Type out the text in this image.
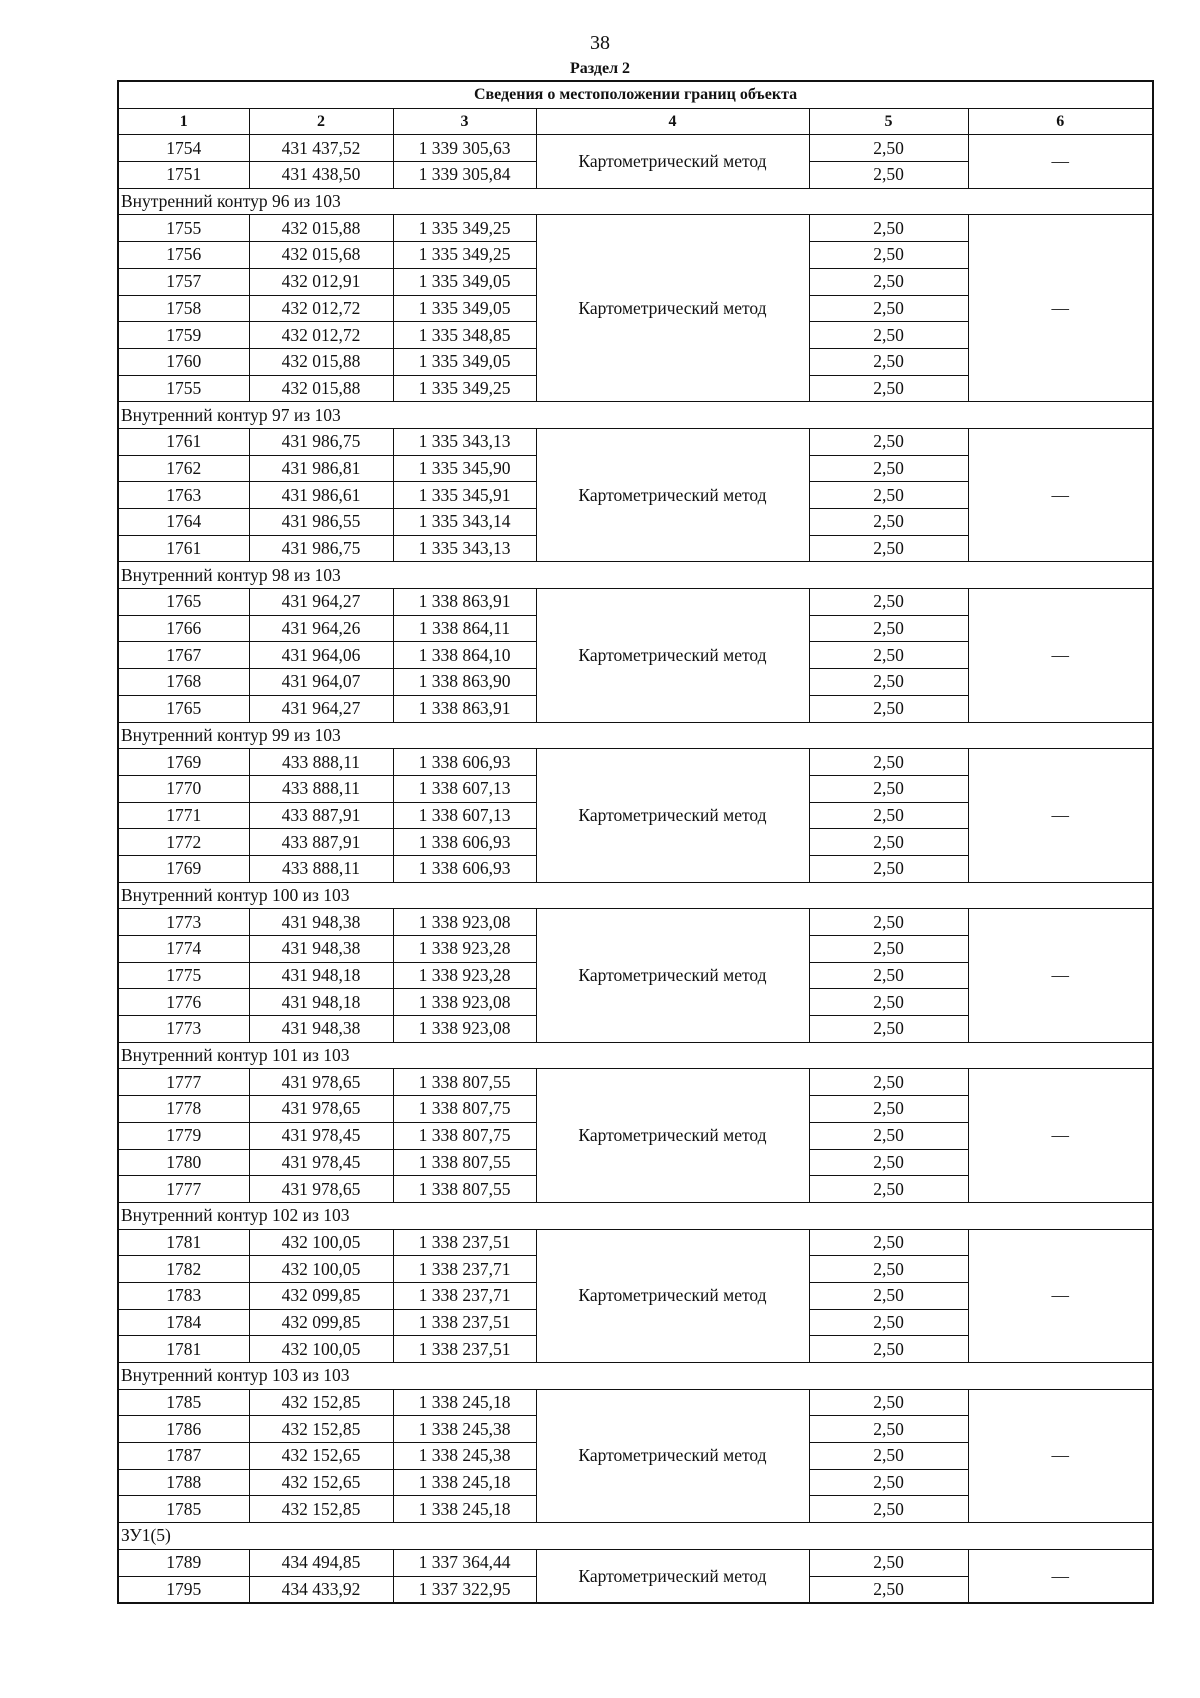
38
Раздел 2
Сведения о местоположении границ объекта					
1	2	3	4	5	6
1754	431 437,52	1 339 305,63	Картометрический метод	2,50	—
1751	431 438,50	1 339 305,84		2,50	
Внутренний контур 96 из 103					
1755	432 015,88	1 335 349,25	Картометрический метод	2,50	—
1756	432 015,68	1 335 349,25		2,50	
1757	432 012,91	1 335 349,05		2,50	
1758	432 012,72	1 335 349,05		2,50	
1759	432 012,72	1 335 348,85		2,50	
1760	432 015,88	1 335 349,05		2,50	
1755	432 015,88	1 335 349,25		2,50	
Внутренний контур 97 из 103					
1761	431 986,75	1 335 343,13	Картометрический метод	2,50	—
1762	431 986,81	1 335 345,90		2,50	
1763	431 986,61	1 335 345,91		2,50	
1764	431 986,55	1 335 343,14		2,50	
1761	431 986,75	1 335 343,13		2,50	
Внутренний контур 98 из 103					
1765	431 964,27	1 338 863,91	Картометрический метод	2,50	—
1766	431 964,26	1 338 864,11		2,50	
1767	431 964,06	1 338 864,10		2,50	
1768	431 964,07	1 338 863,90		2,50	
1765	431 964,27	1 338 863,91		2,50	
Внутренний контур 99 из 103					
1769	433 888,11	1 338 606,93	Картометрический метод	2,50	—
1770	433 888,11	1 338 607,13		2,50	
1771	433 887,91	1 338 607,13		2,50	
1772	433 887,91	1 338 606,93		2,50	
1769	433 888,11	1 338 606,93		2,50	
Внутренний контур 100 из 103					
1773	431 948,38	1 338 923,08	Картометрический метод	2,50	—
1774	431 948,38	1 338 923,28		2,50	
1775	431 948,18	1 338 923,28		2,50	
1776	431 948,18	1 338 923,08		2,50	
1773	431 948,38	1 338 923,08		2,50	
Внутренний контур 101 из 103					
1777	431 978,65	1 338 807,55	Картометрический метод	2,50	—
1778	431 978,65	1 338 807,75		2,50	
1779	431 978,45	1 338 807,75		2,50	
1780	431 978,45	1 338 807,55		2,50	
1777	431 978,65	1 338 807,55		2,50	
Внутренний контур 102 из 103					
1781	432 100,05	1 338 237,51	Картометрический метод	2,50	—
1782	432 100,05	1 338 237,71		2,50	
1783	432 099,85	1 338 237,71		2,50	
1784	432 099,85	1 338 237,51		2,50	
1781	432 100,05	1 338 237,51		2,50	
Внутренний контур 103 из 103					
1785	432 152,85	1 338 245,18	Картометрический метод	2,50	—
1786	432 152,85	1 338 245,38		2,50	
1787	432 152,65	1 338 245,38		2,50	
1788	432 152,65	1 338 245,18		2,50	
1785	432 152,85	1 338 245,18		2,50	
ЗУ1(5)					
1789	434 494,85	1 337 364,44	Картометрический метод	2,50	—
1795	434 433,92	1 337 322,95		2,50	
